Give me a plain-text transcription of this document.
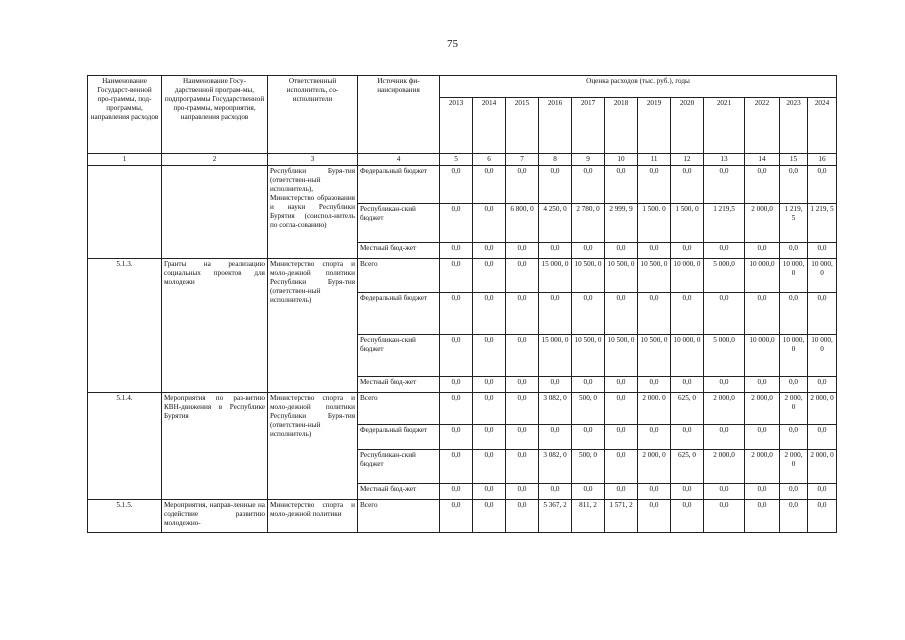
75
Наименование Государст-венной про-граммы, под-программы, направления расходов	Наименование Госу-дарственной програм-мы, подпрограммы Государственной про-граммы, мероприятия, направления расходов	Ответственный исполнитель, со-исполнители	Источник фи-нансирования	Оценка расходов (тыс. руб.), годы											
				2013	2014	2015	2016	2017	2018	2019	2020	2021	2022	2023	2024
1	2	3	4	5	6	7	8	9	10	11	12	13	14	15	16
		Республики Буря-тия (ответствен-ный исполнитель), Министерство образования и науки Республики Бурятия (соиспол-нитель по согла-сованию)	Федеральный бюджет	0,0	0,0	0,0	0,0	0,0	0,0	0,0	0,0	0,0	0,0	0,0	0,0
			Республикан-ский бюджет	0,0	0,0	6 800, 0	4 250, 0	2 780, 0	2 999, 9	1 500. 0	1 500, 0	1 219,5	2 000,0	1 219, 5	1 219, 5
			Местный бюд-жет	0,0	0,0	0,0	0,0	0,0	0,0	0,0	0,0	0,0	0,0	0,0	0,0
5.1.3.	Гранты на реализацию социальных проектов для молодежи	Министерство спорта и моло-дежной политики Республики Буря-тия (ответствен-ный исполнитель)	Всего	0,0	0,0	0,0	15 000, 0	10 500, 0	10 500, 0	10 500, 0	10 000, 0	5 000,0	10 000,0	10 000, 0	10 000, 0
			Федеральный бюджет	0,0	0,0	0,0	0,0	0,0	0,0	0,0	0,0	0,0	0,0	0,0	0,0
			Республикан-ский бюджет	0,0	0,0	0,0	15 000, 0	10 500, 0	10 500, 0	10 500, 0	10 000, 0	5 000,0	10 000,0	10 000, 0	10 000, 0
			Местный бюд-жет	0,0	0,0	0,0	0,0	0,0	0,0	0,0	0,0	0,0	0,0	0,0	0,0
5.1.4.	Мероприятия по раз-витию КВН-движения в Республике Бурятия	Министерство спорта и моло-дежной политики Республики Буря-тия (ответствен-ный исполнитель)	Всего	0,0	0,0	0,0	3 082, 0	500, 0	0,0	2 000. 0	625, 0	2 000,0	2 000,0	2 000, 0	2 000, 0
			Федеральный бюджет	0,0	0,0	0,0	0,0	0,0	0,0	0,0	0,0	0,0	0,0	0,0	0,0
			Республикан-ский бюджет	0,0	0,0	0,0	3 082, 0	500, 0	0,0	2 000, 0	625, 0	2 000,0	2 000,0	2 000, 0	2 000, 0
			Местный бюд-жет	0,0	0,0	0,0	0,0	0,0	0,0	0,0	0,0	0,0	0,0	0,0	0,0
5.1.5.	Мероприятия, направ-ленные на содействие развитию молодежно-	Министерство спорта и моло-дежной политики	Всего	0,0	0,0	0,0	5 367, 2	811, 2	1 571, 2	0,0	0,0	0,0	0,0	0,0	0,0
